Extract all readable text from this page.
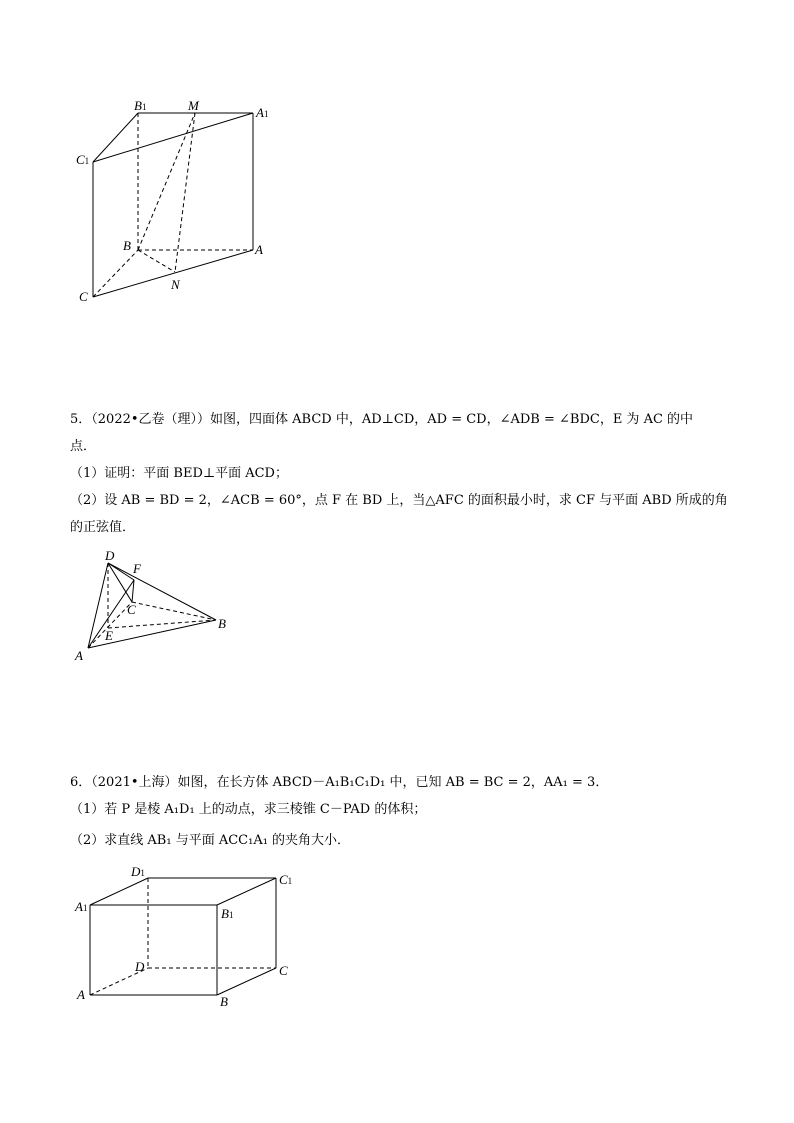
B1	M	A1
C1
B	A
C
N
5．（2022•乙卷（理））如图，四面体 ABCD 中，AD⊥CD，AD = CD，∠ADB = ∠BDC，E 为 AC 的中
点．
（1）证明：平面 BED⊥平面 ACD；
（2）设 AB = BD = 2，∠ACB = 60°，点 F 在 BD 上，当△AFC 的面积最小时，求 CF 与平面 ABD 所成的角
的正弦值．
D
F
C
B
E
A
6．（2021•上海）如图，在长方体 ABCD－A₁B₁C₁D₁ 中，已知 AB = BC = 2，AA₁ = 3．
（1）若 P 是棱 A₁D₁ 上的动点，求三棱锥 C－PAD 的体积；
（2）求直线 AB₁ 与平面 ACC₁A₁ 的夹角大小．
D1	C1
A1	B1
D	C
A	B
